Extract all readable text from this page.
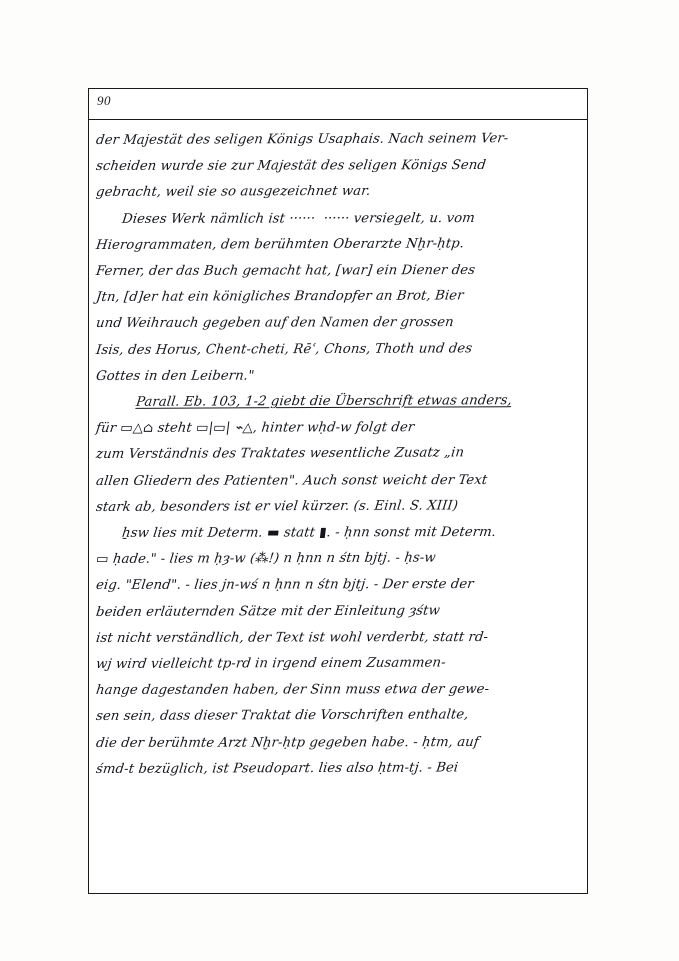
90
der Majestät des seligen Königs Usaphais. Nach seinem Ver-
scheiden wurde sie zur Majestät des seligen Königs Send
gebracht, weil sie so ausgezeichnet war.
Dieses Werk nämlich ist ······  ······ versiegelt, u. vom
Hierogrammaten, dem berühmten Oberarzte Nḫr-ḥtp.
Ferner, der das Buch gemacht hat, [war] ein Diener des
Jtn, [d]er hat ein königliches Brandopfer an Brot, Bier
und Weihrauch gegeben auf den Namen der grossen
Isis, des Horus, Chent-cheti, Rēʿ, Chons, Thoth und des
Gottes in den Leibern."
Parall. Eb. 103, 1-2 giebt die Überschrift etwas anders,
für ▭△⌂ steht ▭|▭| ⌁△, hinter wḥd-w folgt der
zum Verständnis des Traktates wesentliche Zusatz „in
allen Gliedern des Patienten". Auch sonst weicht der Text
stark ab, besonders ist er viel kürzer. (s. Einl. S. XIII)
ẖsw lies mit Determ. ▬ statt ▮. - ḥnn sonst mit Determ.
▭ ḥade." - lies m ḥȝ-w (⁂!) n ḥnn n śtn bjtj. - ḥs-w
eig. "Elend". - lies jn-wś n ḥnn n śtn bjtj. - Der erste der
beiden erläuternden Sätze mit der Einleitung ȝśtw
ist nicht verständlich, der Text ist wohl verderbt, statt rd-
wj wird vielleicht tp-rd in irgend einem Zusammen-
hange dagestanden haben, der Sinn muss etwa der gewe-
sen sein, dass dieser Traktat die Vorschriften enthalte,
die der berühmte Arzt Nḫr-ḥtp gegeben habe. - ḥtm, auf
śmd-t bezüglich, ist Pseudopart. lies also ḥtm-tj. - Bei
